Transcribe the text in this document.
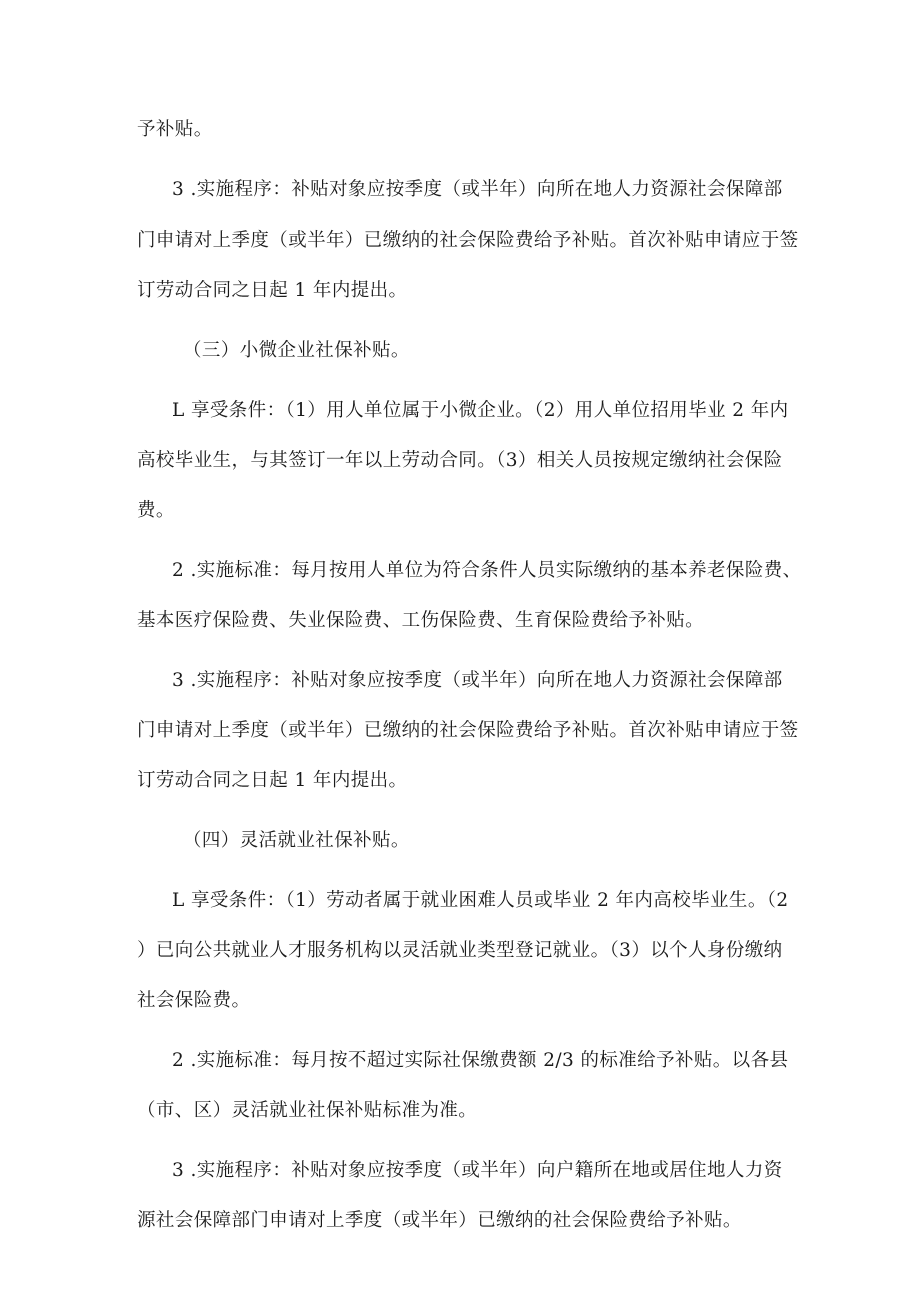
予补贴。
3 .实施程序：补贴对象应按季度（或半年）向所在地人力资源社会保障部
门申请对上季度（或半年）已缴纳的社会保险费给予补贴。首次补贴申请应于签
订劳动合同之日起 1 年内提出。
（三）小微企业社保补贴。
L 享受条件：（1）用人单位属于小微企业。（2）用人单位招用毕业 2 年内
高校毕业生，与其签订一年以上劳动合同。（3）相关人员按规定缴纳社会保险
费。
2 .实施标准：每月按用人单位为符合条件人员实际缴纳的基本养老保险费、
基本医疗保险费、失业保险费、工伤保险费、生育保险费给予补贴。
3 .实施程序：补贴对象应按季度（或半年）向所在地人力资源社会保障部
门申请对上季度（或半年）已缴纳的社会保险费给予补贴。首次补贴申请应于签
订劳动合同之日起 1 年内提出。
（四）灵活就业社保补贴。
L 享受条件：（1）劳动者属于就业困难人员或毕业 2 年内高校毕业生。（2
）已向公共就业人才服务机构以灵活就业类型登记就业。（3）以个人身份缴纳
社会保险费。
2 .实施标准：每月按不超过实际社保缴费额 2/3 的标准给予补贴。以各县
（市、区）灵活就业社保补贴标准为准。
3 .实施程序：补贴对象应按季度（或半年）向户籍所在地或居住地人力资
源社会保障部门申请对上季度（或半年）已缴纳的社会保险费给予补贴。
